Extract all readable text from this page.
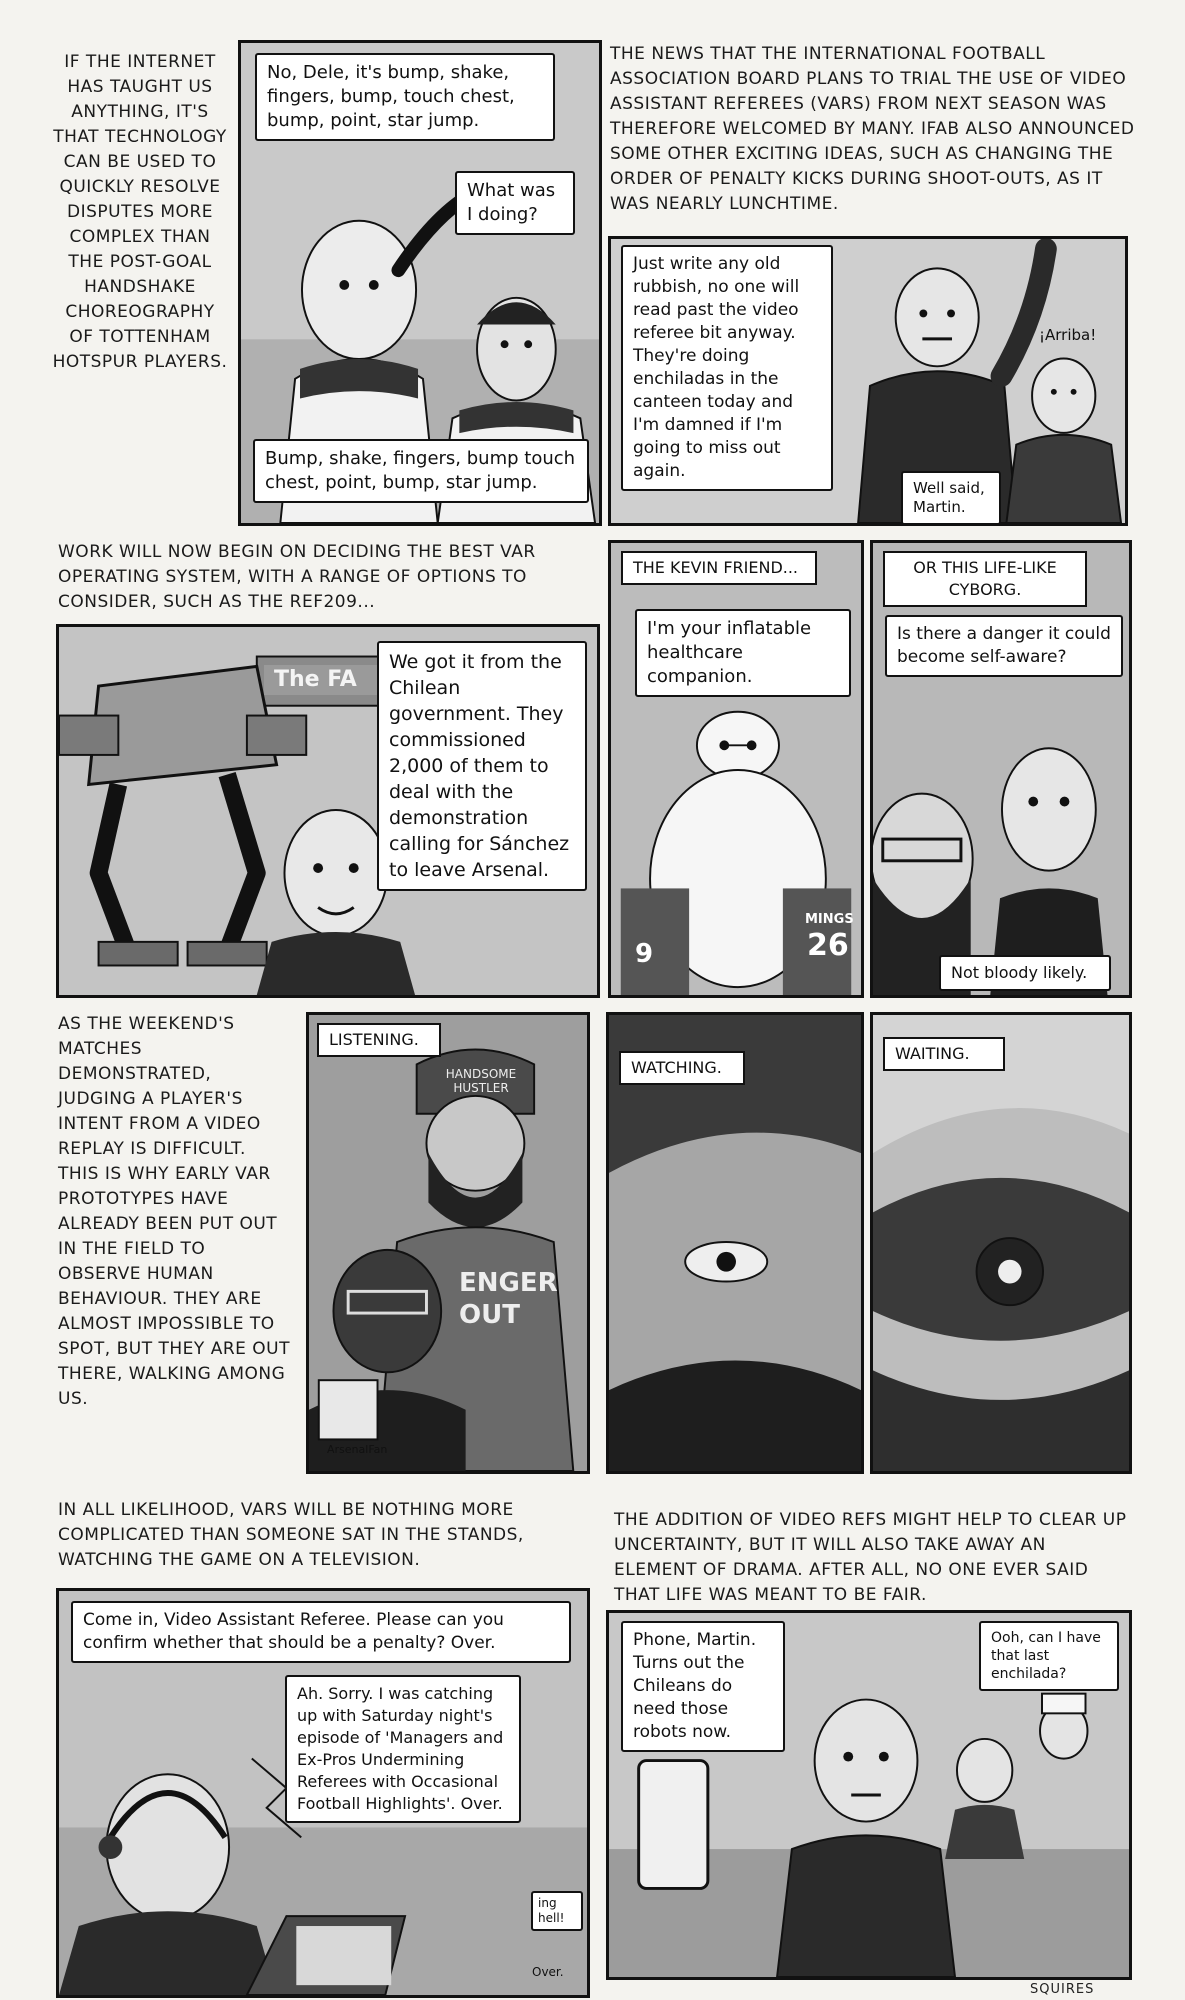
IF THE INTERNET HAS TAUGHT US ANYTHING, IT'S THAT TECHNOLOGY CAN BE USED TO QUICKLY RESOLVE DISPUTES MORE COMPLEX THAN THE POST-GOAL HANDSHAKE CHOREOGRAPHY OF TOTTENHAM HOTSPUR PLAYERS.

No, Dele, it's bump, shake, fingers, bump, touch chest, bump, point, star jump.
What was I doing?
Bump, shake, fingers, bump touch chest, point, bump, star jump.

THE NEWS THAT THE INTERNATIONAL FOOTBALL ASSOCIATION BOARD PLANS TO TRIAL THE USE OF VIDEO ASSISTANT REFEREES (VARS) FROM NEXT SEASON WAS THEREFORE WELCOMED BY MANY. IFAB ALSO ANNOUNCED SOME OTHER EXCITING IDEAS, SUCH AS CHANGING THE ORDER OF PENALTY KICKS DURING SHOOT-OUTS, AS IT WAS NEARLY LUNCHTIME.

Just write any old rubbish, no one will read past the video referee bit anyway. They're doing enchiladas in the canteen today and I'm damned if I'm going to miss out again.
¡Arriba!
Well said, Martin.

WORK WILL NOW BEGIN ON DECIDING THE BEST VAR OPERATING SYSTEM, WITH A RANGE OF OPTIONS TO CONSIDER, SUCH AS THE REF209...

The FA
We got it from the Chilean government. They commissioned 2,000 of them to deal with the demonstration calling for Sánchez to leave Arsenal.
THE KEVIN FRIEND...
I'm your inflatable healthcare companion.
9
MINGS
26
OR THIS LIFE-LIKE CYBORG.
Is there a danger it could become self-aware?
Not bloody likely.

AS THE WEEKEND'S MATCHES DEMONSTRATED, JUDGING A PLAYER'S INTENT FROM A VIDEO REPLAY IS DIFFICULT. THIS IS WHY EARLY VAR PROTOTYPES HAVE ALREADY BEEN PUT OUT IN THE FIELD TO OBSERVE HUMAN BEHAVIOUR. THEY ARE ALMOST IMPOSSIBLE TO SPOT, BUT THEY ARE OUT THERE, WALKING AMONG US.

LISTENING.
HANDSOME HUSTLER
ENGER OUT
ArsenalFan
WATCHING.
WAITING.

IN ALL LIKELIHOOD, VARS WILL BE NOTHING MORE COMPLICATED THAN SOMEONE SAT IN THE STANDS, WATCHING THE GAME ON A TELEVISION.

Come in, Video Assistant Referee. Please can you confirm whether that should be a penalty? Over.
Ah. Sorry. I was catching up with Saturday night's episode of 'Managers and Ex-Pros Undermining Referees with Occasional Football Highlights'. Over.
ing hell!
Over.

THE ADDITION OF VIDEO REFS MIGHT HELP TO CLEAR UP UNCERTAINTY, BUT IT WILL ALSO TAKE AWAY AN ELEMENT OF DRAMA. AFTER ALL, NO ONE EVER SAID THAT LIFE WAS MEANT TO BE FAIR.

Phone, Martin. Turns out the Chileans do need those robots now.
Ooh, can I have that last enchilada?

SQUIRES
